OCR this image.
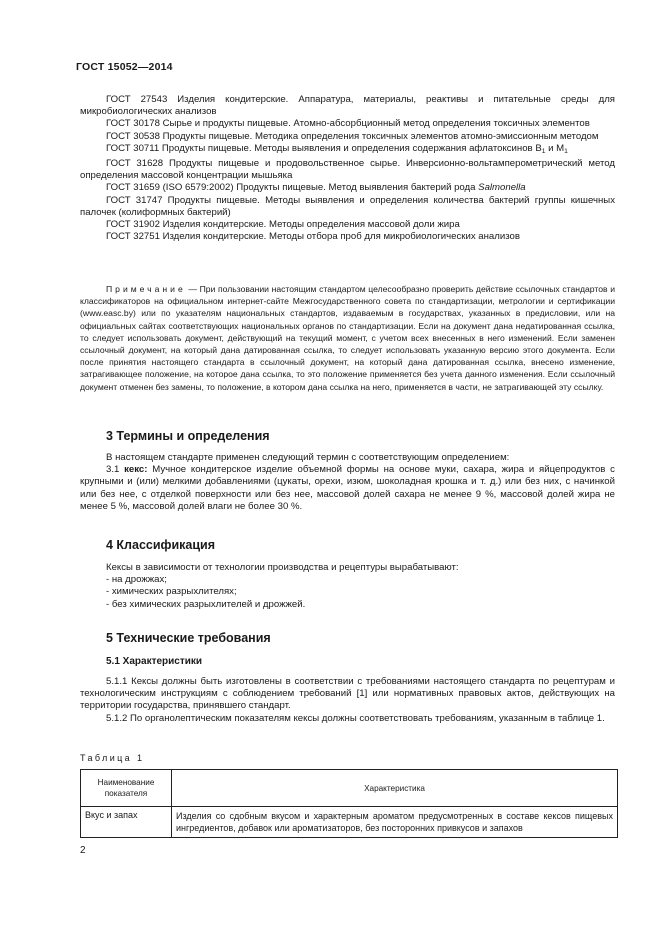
ГОСТ 15052—2014

ГОСТ 27543 Изделия кондитерские. Аппаратура, материалы, реактивы и питательные среды для микробиологических анализов

ГОСТ 30178 Сырье и продукты пищевые. Атомно-абсорбционный метод определения токсичных элементов

ГОСТ 30538 Продукты пищевые. Методика определения токсичных элементов атомно-эмиссионным методом

ГОСТ 30711 Продукты пищевые. Методы выявления и определения содержания афлатоксинов $B_1$ и $M_1$

ГОСТ 31628 Продукты пищевые и продовольственное сырье. Инверсионно-вольтамперометрический метод определения массовой концентрации мышьяка

ГОСТ 31659 (ISO 6579:2002) Продукты пищевые. Метод выявления бактерий рода Salmonella

ГОСТ 31747 Продукты пищевые. Методы выявления и определения количества бактерий группы кишечных палочек (колиформных бактерий)

ГОСТ 31902 Изделия кондитерские. Методы определения массовой доли жира

ГОСТ 32751 Изделия кондитерские. Методы отбора проб для микробиологических анализов

Примечание — При пользовании настоящим стандартом целесообразно проверить действие ссылочных стандартов и классификаторов на официальном интернет-сайте Межгосударственного совета по стандартизации, метрологии и сертификации (www.easc.by) или по указателям национальных стандартов, издаваемым в государствах, указанных в предисловии, или на официальных сайтах соответствующих национальных органов по стандартизации. Если на документ дана недатированная ссылка, то следует использовать документ, действующий на текущий момент, с учетом всех внесенных в него изменений. Если заменен ссылочный документ, на который дана датированная ссылка, то следует использовать указанную версию этого документа. Если после принятия настоящего стандарта в ссылочный документ, на который дана датированная ссылка, внесено изменение, затрагивающее положение, на которое дана ссылка, то это положение применяется без учета данного изменения. Если ссылочный документ отменен без замены, то положение, в котором дана ссылка на него, применяется в части, не затрагивающей эту ссылку.

3 Термины и определения

В настоящем стандарте применен следующий термин с соответствующим определением:

3.1 кекс: Мучное кондитерское изделие объемной формы на основе муки, сахара, жира и яйцепродуктов с крупными и (или) мелкими добавлениями (цукаты, орехи, изюм, шоколадная крошка и т. д.) или без них, с начинкой или без нее, с отделкой поверхности или без нее, массовой долей сахара не менее 9 %, массовой долей жира не менее 5 %, массовой долей влаги не более 30 %.

4 Классификация

Кексы в зависимости от технологии производства и рецептуры вырабатывают:

- на дрожжах;

- химических разрыхлителях;

- без химических разрыхлителей и дрожжей.

5 Технические требования
5.1 Характеристики

5.1.1 Кексы должны быть изготовлены в соответствии с требованиями настоящего стандарта по рецептурам и технологическим инструкциям с соблюдением требований [1] или нормативных правовых актов, действующих на территории государства, принявшего стандарт.

5.1.2 По органолептическим показателям кексы должны соответствовать требованиям, указанным в таблице 1.

Таблица 1
Наименование показателя	Характеристика
Вкус и запах	Изделия со сдобным вкусом и характерным ароматом предусмотренных в составе кексов пищевых ингредиентов, добавок или ароматизаторов, без посторонних привкусов и запахов
2
